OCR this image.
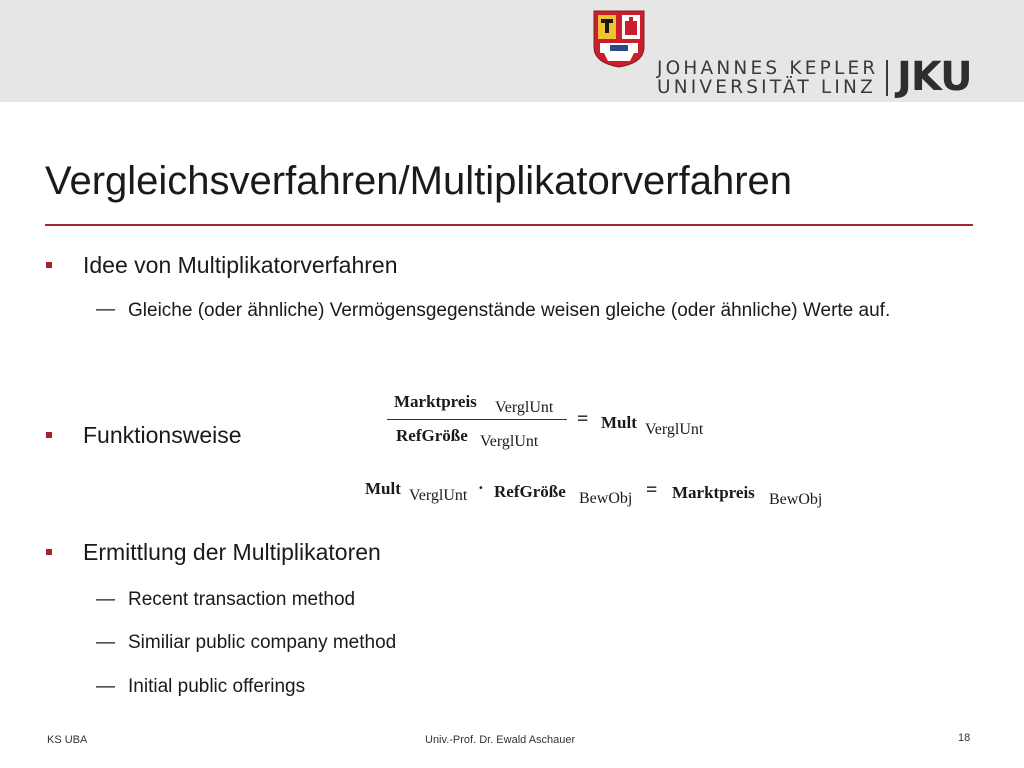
JOHANNES KEPLER
UNIVERSITÄT LINZ JKU
Vergleichsverfahren/Multiplikatorverfahren
Idee von Multiplikatorverfahren
— Gleiche (oder ähnliche) Vermögensgegenstände weisen gleiche (oder ähnliche) Werte auf.
Funktionsweise
Marktpreis VerglUnt
RefGröße VerglUnt
= Mult VerglUnt
Mult VerglUnt · RefGröße BewObj = Marktpreis BewObj
Ermittlung der Multiplikatoren
— Recent transaction method
— Similiar public company method
— Initial public offerings
KS UBA	Univ.-Prof. Dr. Ewald Aschauer	18
